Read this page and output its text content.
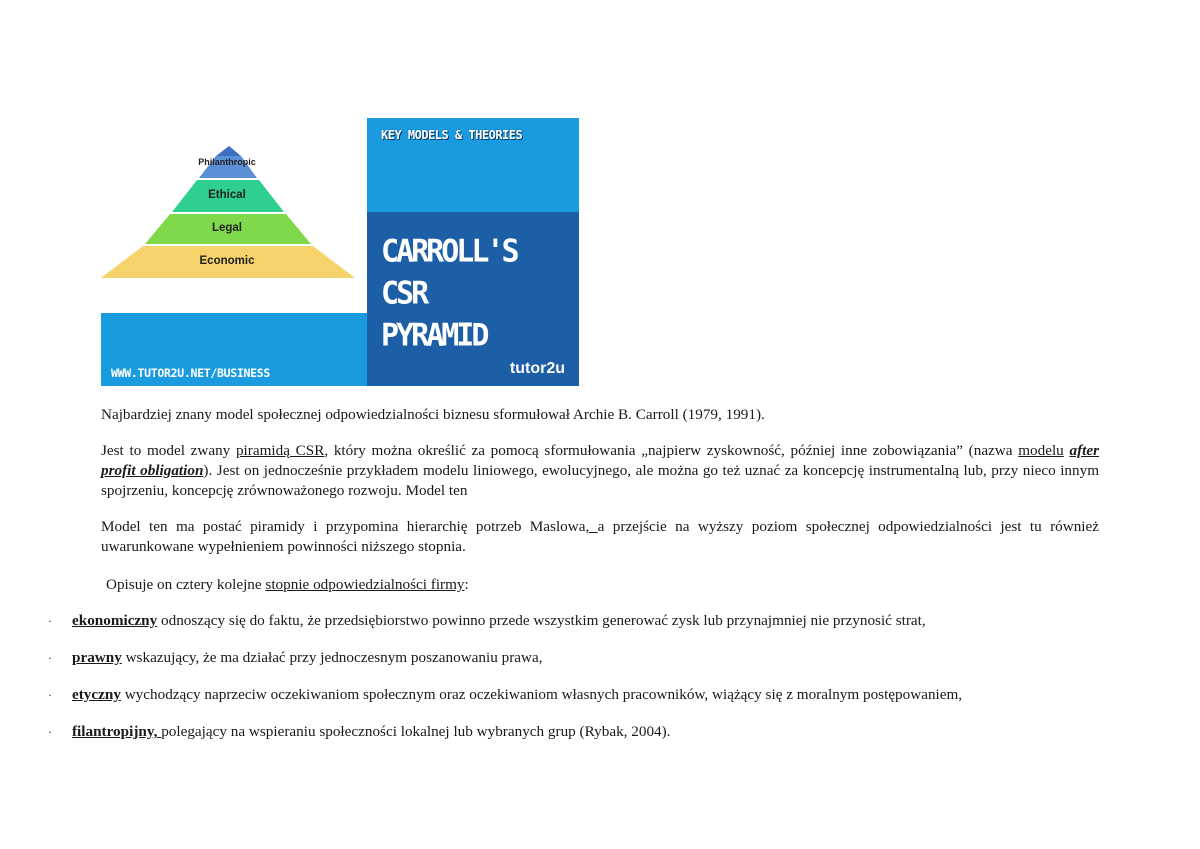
Philanthropic
Ethical
Legal
Economic
WWW.TUTOR2U.NET/BUSINESS
KEY MODELS & THEORIES
CARROLL'S CSR
PYRAMID
tutor2u

Najbardziej znany model społecznej odpowiedzialności biznesu sformułował Archie B. Carroll (1979, 1991).

Jest to model zwany piramidą CSR, który można określić za pomocą sformułowania „najpierw zyskowność, później inne zobowiązania” (nazwa modelu after profit obligation). Jest on jednocześnie przykładem modelu liniowego, ewolucyjnego, ale można go też uznać za koncepcję instrumentalną lub, przy nieco innym spojrzeniu, koncepcję zrównoważonego rozwoju. Model ten

Model ten ma postać piramidy i przypomina hierarchię potrzeb Maslowa, a przejście na wyższy poziom społecznej odpowiedzialności jest tu również uwarunkowane wypełnieniem powinności niższego stopnia.

Opisuje on cztery kolejne stopnie odpowiedzialności firmy:

· ekonomiczny odnoszący się do faktu, że przedsiębiorstwo powinno przede wszystkim generować zysk lub przynajmniej nie przynosić strat,
· prawny wskazujący, że ma działać przy jednoczesnym poszanowaniu prawa,
· etyczny wychodzący naprzeciw oczekiwaniom społecznym oraz oczekiwaniom własnych pracowników, wiążący się z moralnym postępowaniem,
· filantropijny, polegający na wspieraniu społeczności lokalnej lub wybranych grup (Rybak, 2004).
